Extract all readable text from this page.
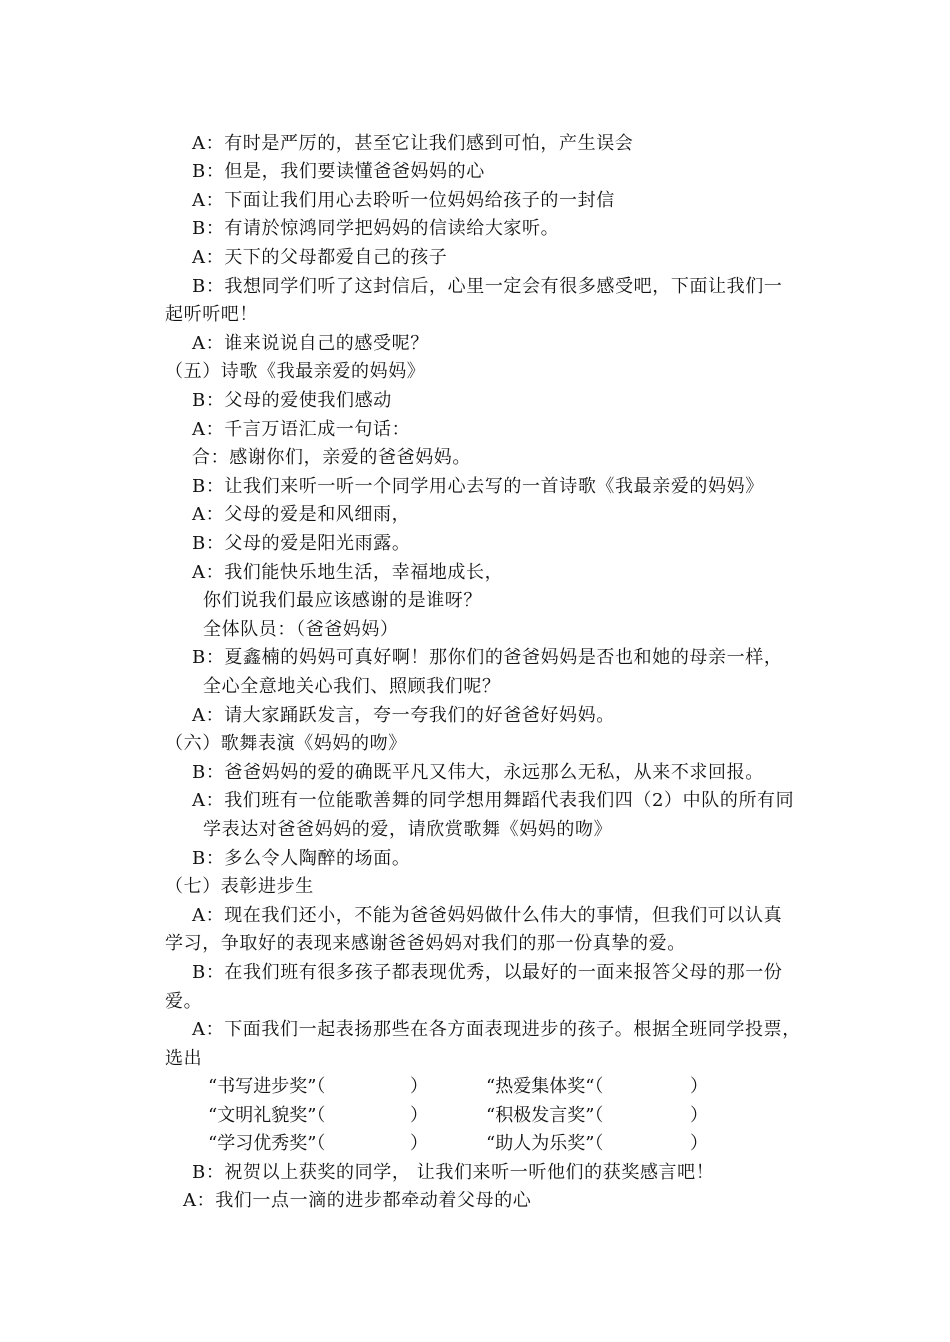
A：有时是严厉的，甚至它让我们感到可怕，产生误会
B：但是，我们要读懂爸爸妈妈的心
A：下面让我们用心去聆听一位妈妈给孩子的一封信
B：有请於惊鸿同学把妈妈的信读给大家听。
A：天下的父母都爱自己的孩子
B：我想同学们听了这封信后，心里一定会有很多感受吧，下面让我们一
起听听吧！
A：谁来说说自己的感受呢？
（五）诗歌《我最亲爱的妈妈》
B：父母的爱使我们感动
A：千言万语汇成一句话：
合：感谢你们，亲爱的爸爸妈妈。
B：让我们来听一听一个同学用心去写的一首诗歌《我最亲爱的妈妈》
A：父母的爱是和风细雨，
B：父母的爱是阳光雨露。
A：我们能快乐地生活，幸福地成长，
你们说我们最应该感谢的是谁呀？
全体队员：（爸爸妈妈）
B：夏鑫楠的妈妈可真好啊！那你们的爸爸妈妈是否也和她的母亲一样，
全心全意地关心我们、照顾我们呢？
A：请大家踊跃发言，夸一夸我们的好爸爸好妈妈。
（六）歌舞表演《妈妈的吻》
B：爸爸妈妈的爱的确既平凡又伟大，永远那么无私，从来不求回报。
A：我们班有一位能歌善舞的同学想用舞蹈代表我们四（2）中队的所有同
学表达对爸爸妈妈的爱，请欣赏歌舞《妈妈的吻》
B：多么令人陶醉的场面。
（七）表彰进步生
A：现在我们还小，不能为爸爸妈妈做什么伟大的事情，但我们可以认真
学习，争取好的表现来感谢爸爸妈妈对我们的那一份真挚的爱。
B：在我们班有很多孩子都表现优秀，以最好的一面来报答父母的那一份
爱。
A：下面我们一起表扬那些在各方面表现进步的孩子。根据全班同学投票，
选出
“书写进步奖”（	）	“热爱集体奖“（	）
“文明礼貌奖”（	）	“积极发言奖”（	）
“学习优秀奖”（	）	“助人为乐奖”（	）
B：祝贺以上获奖的同学， 让我们来听一听他们的获奖感言吧！
A：我们一点一滴的进步都牵动着父母的心
